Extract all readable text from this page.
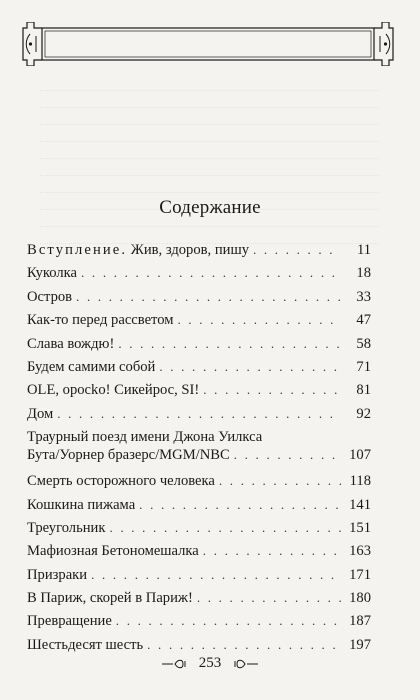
Содержание
Вступление. Жив, здоров, пишу . . .	11
Куколка . . .	18
Остров . . .	33
Как-то перед рассветом . . .	47
Слава вождю! . . .	58
Будем самими собой . . .	71
OLE, opocko! Сикейрос, SI! . . .	81
Дом . . .	92
Траурный поезд имени Джона Уилкса
Бута/Уорнер бразерс/MGM/NBC . . .	107
Смерть осторожного человека . . .	118
Кошкина пижама . . .	141
Треугольник . . .	151
Мафиозная Бетономешалка . . .	163
Призраки . . .	171
В Париж, скорей в Париж! . . .	180
Превращение . . .	187
Шестьдесят шесть . . .	197
253
